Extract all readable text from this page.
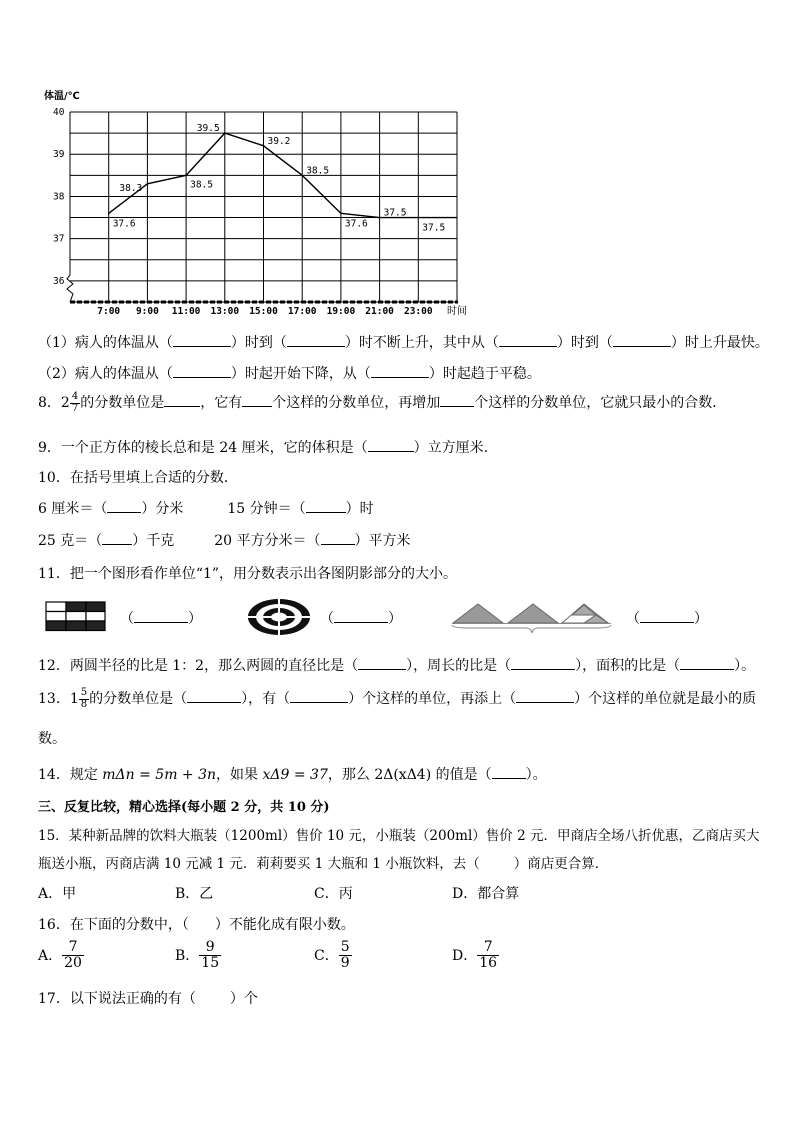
体温/℃
40
39
38
37
36
7:00 9:00 11:00 13:00 15:00 17:00 19:00 21:00 23:00 时间
37.6
38.3	38.5
39.5
39.2
38.5
37.6
37.5
37.5
（1）病人的体温从（	）时到（	）时不断上升，其中从（	）时到（	）时上升最快。
（2）病人的体温从（	）时起开始下降，从（	）时起趋于平稳。
8．$2 \frac{4}{7}$ 的分数单位是	，它有 个这样的分数单位，再增加 个这样的分数单位，它就只最小的合数．
9．一个正方体的棱长总和是 24 厘米，它的体积是（	）立方厘米.
10．在括号里填上合适的分数．
6 厘米＝（ ）分米	15 分钟＝（	）时
25 克＝（ ）千克	20 平方分米＝（ ）平方米
11．把一个图形看作单位“1”，用分数表示出各图阴影部分的大小。
（	）	（	）	（	）
12．两圆半径的比是 1：2，那么两圆的直径比是（	），周长的比是（	），面积的比是（	）。
13．$1 \frac{5}{8}$ 的分数单位是（	），有（	）个这样的单位，再添上（	）个这样的单位就是最小的质
数。
14．规定 mΔn = 5m + 3n，如果 xΔ9 = 37，那么 2Δ(xΔ4) 的值是（ ）。
三、反复比较，精心选择(每小题 2 分，共 10 分)
15．某种新品牌的饮料大瓶装（1200ml）售价 10 元，小瓶装（200ml）售价 2 元．甲商店全场八折优惠，乙商店买大
瓶送小瓶，丙商店满 10 元减 1 元．莉莉要买 1 大瓶和 1 小瓶饮料，去（	）商店更合算．
A．甲	B．乙	C．丙	D．都合算
16．在下面的分数中，（ ）不能化成有限小数。
A． $\frac{7}{20}$	B． $\frac{9}{15}$	C． $\frac{5}{9}$	D． $\frac{7}{16}$
17．以下说法正确的有（ ）个
